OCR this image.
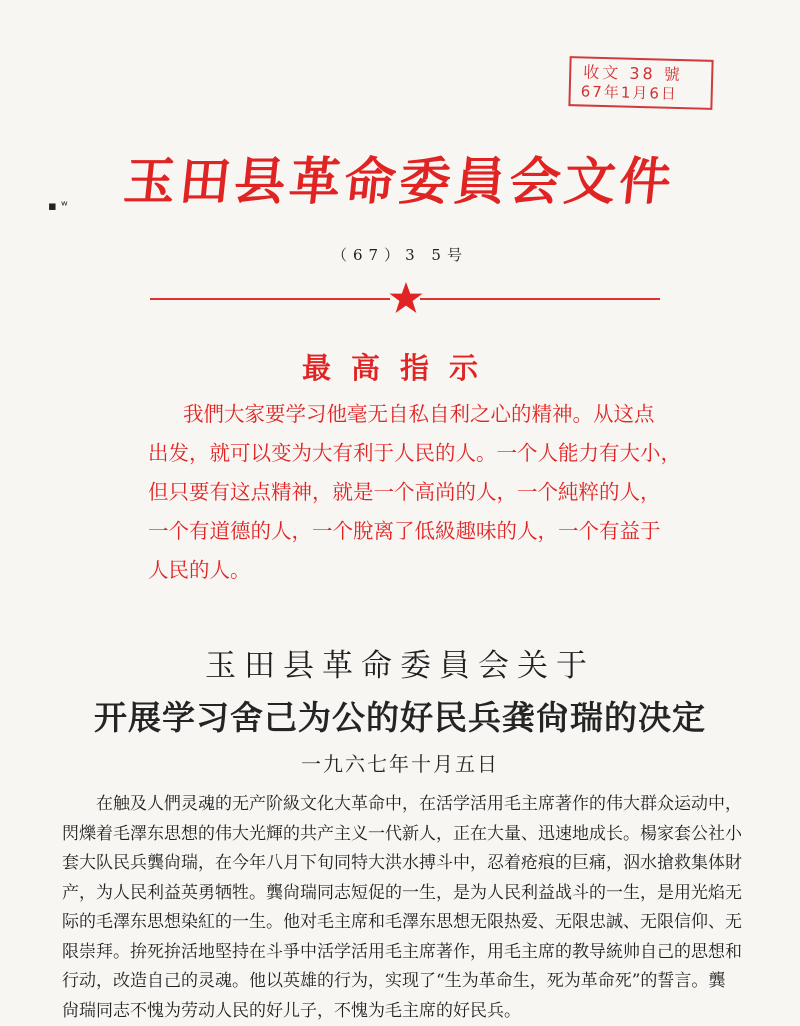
收文 38 號
67年1月6日
▪ ʷ	玉田县革命委員会文件
（67）3 5号
最高指示
我們大家要学习他毫无自私自利之心的精神。从这点
出发，就可以变为大有利于人民的人。一个人能力有大小，
但只要有这点精神，就是一个高尚的人，一个純粹的人，
一个有道德的人，一个脫离了低級趣味的人，一个有益于
人民的人。
玉田县革命委員会关于
开展学习舍己为公的好民兵龚尙瑞的决定
一九六七年十月五日
在触及人們灵魂的无产阶級文化大革命中，在活学活用毛主席著作的伟大群众运动中，
閃爍着毛澤东思想的伟大光輝的共产主义一代新人，正在大量、迅速地成长。楊家套公社小
套大队民兵龔尙瑞，在今年八月下旬同特大洪水搏斗中，忍着疮痕的巨痛，泅水搶救集体財
产，为人民利益英勇牺牲。龔尙瑞同志短促的一生，是为人民利益战斗的一生，是用光焰无
际的毛澤东思想染紅的一生。他对毛主席和毛澤东思想无限热爱、无限忠誠、无限信仰、无
限崇拜。拚死拚活地堅持在斗爭中活学活用毛主席著作，用毛主席的教导統帅自己的思想和
行动，改造自己的灵魂。他以英雄的行为，实现了“生为革命生，死为革命死”的誓言。龔
尙瑞同志不愧为劳动人民的好儿子，不愧为毛主席的好民兵。
